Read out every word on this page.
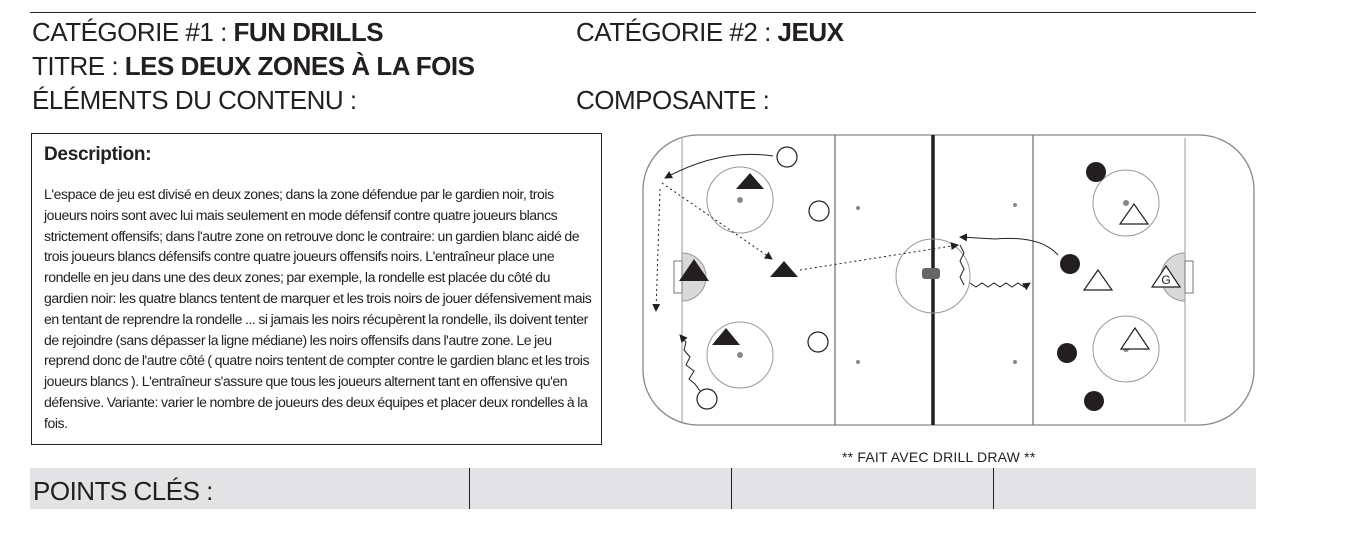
CATÉGORIE #1 : FUN DRILLS	CATÉGORIE #2 : JEUX
TITRE : LES DEUX ZONES À LA FOIS
ÉLÉMENTS DU CONTENU :	COMPOSANTE :
Description:
L'espace de jeu est divisé en deux zones; dans la zone défendue par le gardien noir, trois joueurs noirs sont avec lui mais seulement en mode défensif contre quatre joueurs blancs strictement offensifs; dans l'autre zone on retrouve donc le contraire: un gardien blanc aidé de trois joueurs blancs défensifs contre quatre joueurs offensifs noirs. L'entraîneur place une rondelle en jeu dans une des deux zones; par exemple, la rondelle est placée du côté du gardien noir: les quatre blancs tentent de marquer et les trois noirs de jouer défensivement mais en tentant de reprendre la rondelle ... si jamais les noirs récupèrent la rondelle, ils doivent tenter de rejoindre (sans dépasser la ligne médiane) les noirs offensifs dans l'autre zone. Le jeu reprend donc de l'autre côté ( quatre noirs tentent de compter contre le gardien blanc et les trois joueurs blancs ). L'entraîneur s'assure que tous les joueurs alternent tant en offensive qu'en défensive. Variante: varier le nombre de joueurs des deux équipes et placer deux rondelles à la fois.
G
** FAIT AVEC DRILL DRAW **
POINTS CLÉS :
